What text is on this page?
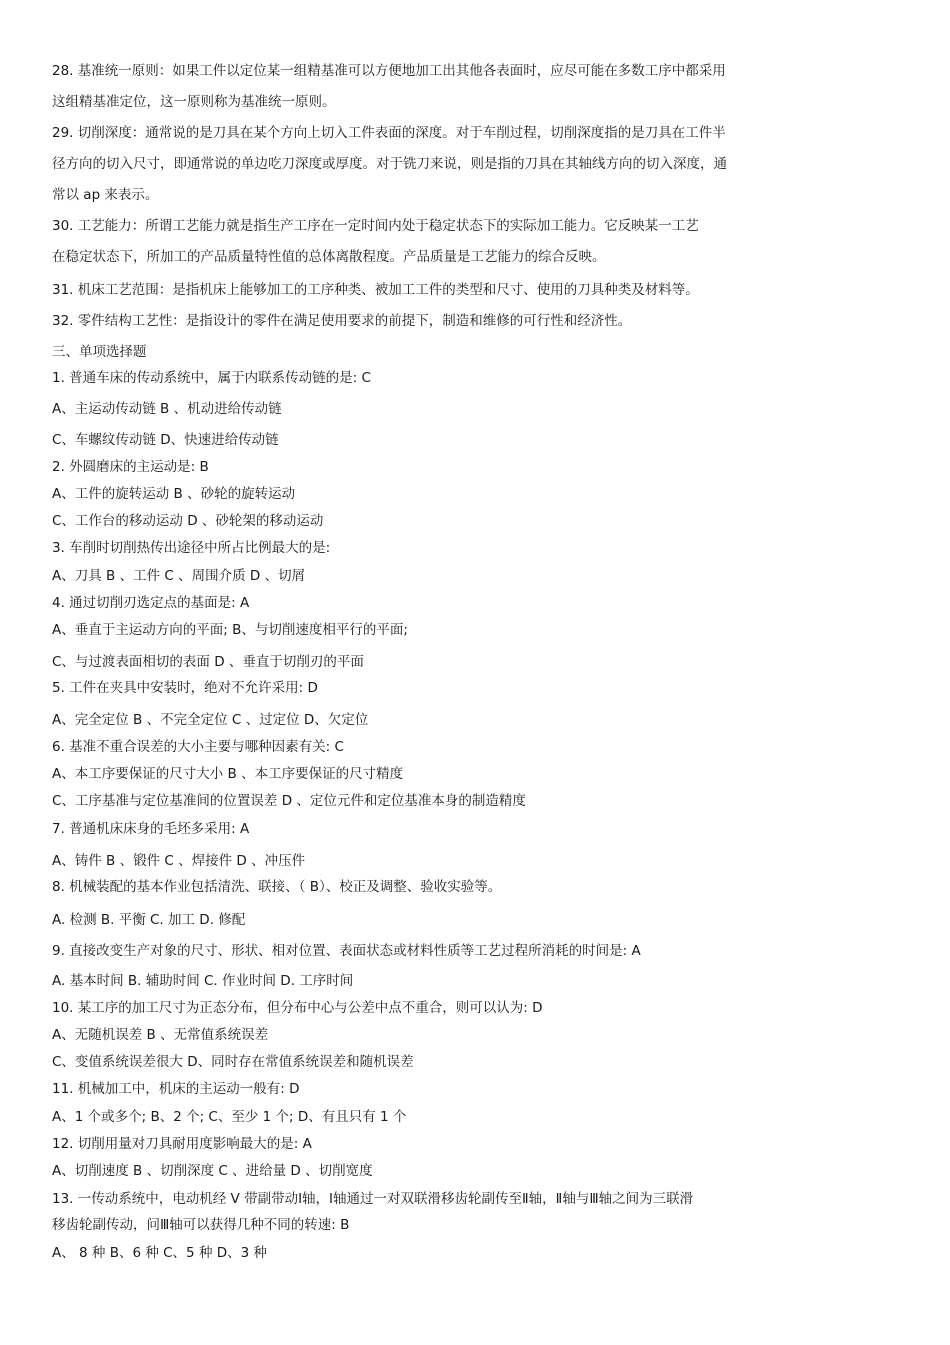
28. 基准统一原则：如果工件以定位某一组精基准可以方便地加工出其他各表面时，应尽可能在多数工序中都采用

这组精基准定位，这一原则称为基准统一原则。

29. 切削深度：通常说的是刀具在某个方向上切入工件表面的深度。对于车削过程，切削深度指的是刀具在工件半

径方向的切入尺寸，即通常说的单边吃刀深度或厚度。对于铣刀来说，则是指的刀具在其轴线方向的切入深度，通

常以 ap 来表示。

30. 工艺能力：所谓工艺能力就是指生产工序在一定时间内处于稳定状态下的实际加工能力。它反映某一工艺

在稳定状态下，所加工的产品质量特性值的总体离散程度。产品质量是工艺能力的综合反映。

31. 机床工艺范围：是指机床上能够加工的工序种类、被加工工件的类型和尺寸、使用的刀具种类及材料等。

32. 零件结构工艺性：是指设计的零件在满足使用要求的前提下，制造和维修的可行性和经济性。

三、单项选择题

1. 普通车床的传动系统中，属于内联系传动链的是: C

A、主运动传动链 B 、机动进给传动链

C、车螺纹传动链 D、快速进给传动链

2. 外圆磨床的主运动是: B

A、工件的旋转运动 B 、砂轮的旋转运动

C、工作台的移动运动 D 、砂轮架的移动运动

3. 车削时切削热传出途径中所占比例最大的是:

A、刀具 B 、工件 C 、周围介质 D 、切屑

4. 通过切削刃选定点的基面是: A

A、垂直于主运动方向的平面; B、与切削速度相平行的平面;

C、与过渡表面相切的表面 D 、垂直于切削刃的平面

5. 工件在夹具中安装时，绝对不允许采用: D

A、完全定位 B 、不完全定位 C 、过定位 D、欠定位

6. 基准不重合误差的大小主要与哪种因素有关: C

A、本工序要保证的尺寸大小 B 、本工序要保证的尺寸精度

C、工序基准与定位基准间的位置误差 D 、定位元件和定位基准本身的制造精度

7. 普通机床床身的毛坯多采用: A

A、铸件 B 、锻件 C 、焊接件 D 、冲压件

8. 机械装配的基本作业包括清洗、联接、（ B）、校正及调整、验收实验等。

A. 检测 B. 平衡 C. 加工 D. 修配

9. 直接改变生产对象的尺寸、形状、相对位置、表面状态或材料性质等工艺过程所消耗的时间是: A

A. 基本时间 B. 辅助时间 C. 作业时间 D. 工序时间

10. 某工序的加工尺寸为正态分布，但分布中心与公差中点不重合，则可以认为: D

A、无随机误差 B 、无常值系统误差

C、变值系统误差很大 D、同时存在常值系统误差和随机误差

11. 机械加工中，机床的主运动一般有: D

A、1 个或多个; B、2 个; C、至少 1 个; D、有且只有 1 个

12. 切削用量对刀具耐用度影响最大的是: A

A、切削速度 B 、切削深度 C 、进给量 D 、切削宽度

13. 一传动系统中，电动机经 V 带副带动Ⅰ轴，Ⅰ轴通过一对双联滑移齿轮副传至Ⅱ轴，Ⅱ轴与Ⅲ轴之间为三联滑

移齿轮副传动，问Ⅲ轴可以获得几种不同的转速: B

A、 8 种 B、6 种 C、5 种 D、3 种
